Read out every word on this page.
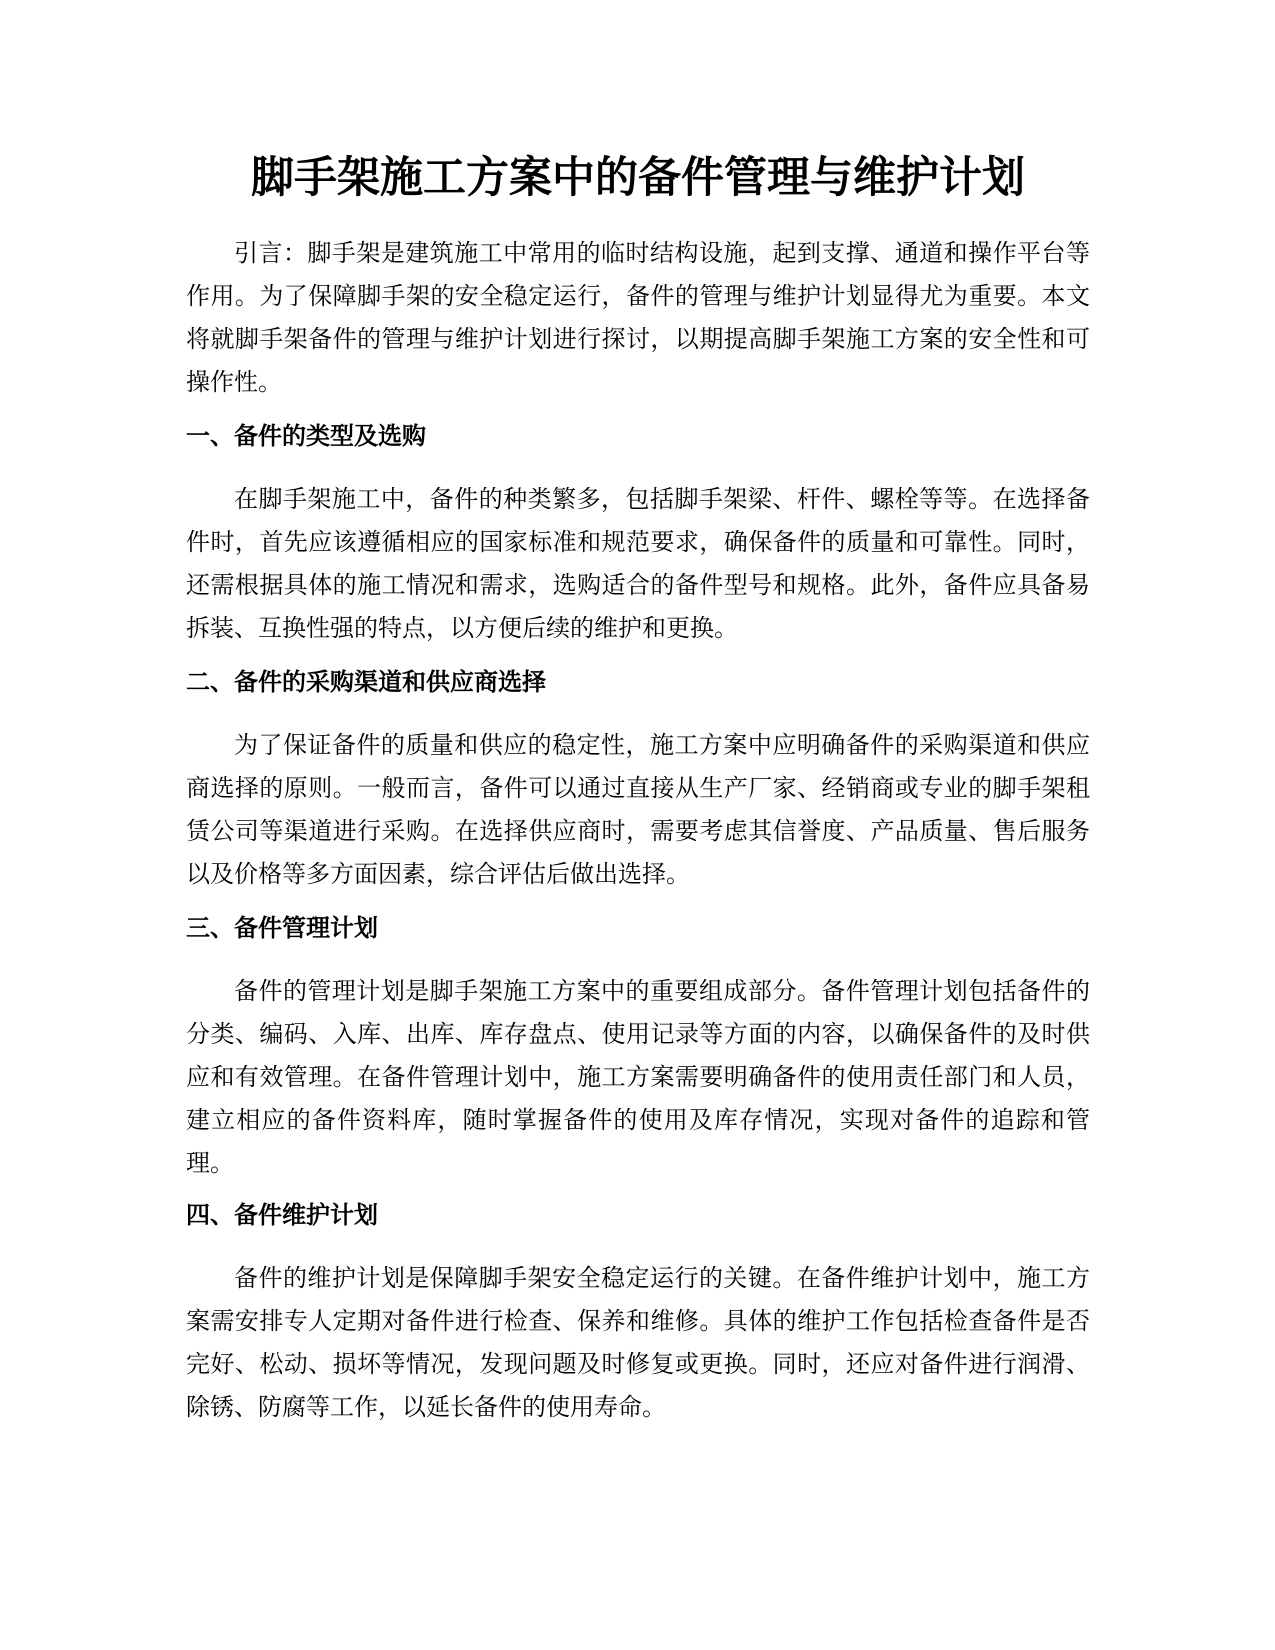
脚手架施工方案中的备件管理与维护计划

引言：脚手架是建筑施工中常用的临时结构设施，起到支撑、通道和操作平台等作用。为了保障脚手架的安全稳定运行，备件的管理与维护计划显得尤为重要。本文将就脚手架备件的管理与维护计划进行探讨，以期提高脚手架施工方案的安全性和可操作性。

一、备件的类型及选购

在脚手架施工中，备件的种类繁多，包括脚手架梁、杆件、螺栓等等。在选择备件时，首先应该遵循相应的国家标准和规范要求，确保备件的质量和可靠性。同时，还需根据具体的施工情况和需求，选购适合的备件型号和规格。此外，备件应具备易拆装、互换性强的特点，以方便后续的维护和更换。

二、备件的采购渠道和供应商选择

为了保证备件的质量和供应的稳定性，施工方案中应明确备件的采购渠道和供应商选择的原则。一般而言，备件可以通过直接从生产厂家、经销商或专业的脚手架租赁公司等渠道进行采购。在选择供应商时，需要考虑其信誉度、产品质量、售后服务以及价格等多方面因素，综合评估后做出选择。

三、备件管理计划

备件的管理计划是脚手架施工方案中的重要组成部分。备件管理计划包括备件的分类、编码、入库、出库、库存盘点、使用记录等方面的内容，以确保备件的及时供应和有效管理。在备件管理计划中，施工方案需要明确备件的使用责任部门和人员，建立相应的备件资料库，随时掌握备件的使用及库存情况，实现对备件的追踪和管理。

四、备件维护计划

备件的维护计划是保障脚手架安全稳定运行的关键。在备件维护计划中，施工方案需安排专人定期对备件进行检查、保养和维修。具体的维护工作包括检查备件是否完好、松动、损坏等情况，发现问题及时修复或更换。同时，还应对备件进行润滑、除锈、防腐等工作，以延长备件的使用寿命。
